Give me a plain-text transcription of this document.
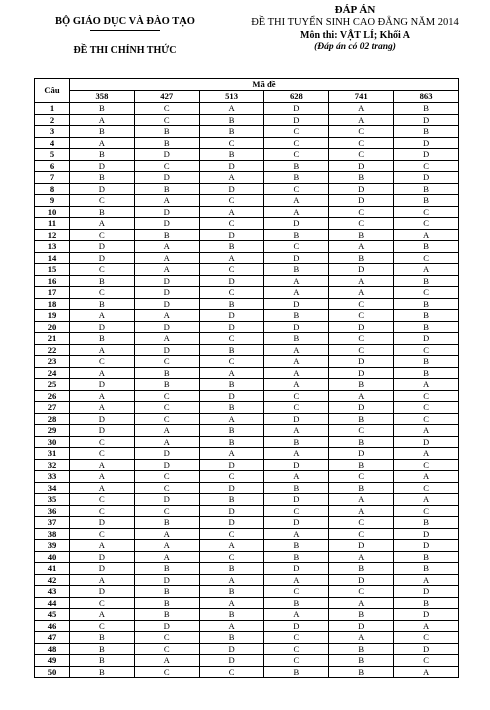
BỘ GIÁO DỤC VÀ ĐÀO TẠO
ĐỀ THI CHÍNH THỨC
ĐÁP ÁN
ĐỀ THI TUYỂN SINH CAO ĐẲNG NĂM 2014
Môn thi: VẬT LÍ; Khối A
(Đáp án có 02 trang)
Câu	Mã đề					
	358	427	513	628	741	863
1	B	C	A	D	A	B
2	A	C	B	D	A	D
3	B	B	B	C	C	B
4	A	B	C	C	C	D
5	B	D	B	C	C	D
6	D	C	D	B	D	C
7	B	D	A	B	B	D
8	D	B	D	C	D	B
9	C	A	C	A	D	B
10	B	D	A	A	C	C
11	A	D	C	D	C	C
12	C	B	D	B	B	A
13	D	A	B	C	A	B
14	D	A	A	D	B	C
15	C	A	C	B	D	A
16	B	D	D	A	A	B
17	C	D	C	A	A	C
18	B	D	B	D	C	B
19	A	A	D	B	C	B
20	D	D	D	D	D	B
21	B	A	C	B	C	D
22	A	D	B	A	C	C
23	C	C	C	A	D	B
24	A	B	A	A	D	B
25	D	B	B	A	B	A
26	A	C	D	C	A	C
27	A	C	B	C	D	C
28	D	C	A	D	B	C
29	D	A	B	A	C	A
30	C	A	B	B	B	D
31	C	D	A	A	D	A
32	A	D	D	D	B	C
33	A	C	C	A	C	A
34	A	C	D	B	B	C
35	C	D	B	D	A	A
36	C	C	D	C	A	C
37	D	B	D	D	C	B
38	C	A	C	A	C	D
39	A	A	A	B	D	D
40	D	A	C	B	A	B
41	D	B	B	D	B	B
42	A	D	A	A	D	A
43	D	B	B	C	C	D
44	C	B	A	B	A	B
45	A	B	B	A	B	D
46	C	D	A	D	D	A
47	B	C	B	C	A	C
48	B	C	D	C	B	D
49	B	A	D	C	B	C
50	B	C	C	B	B	A
